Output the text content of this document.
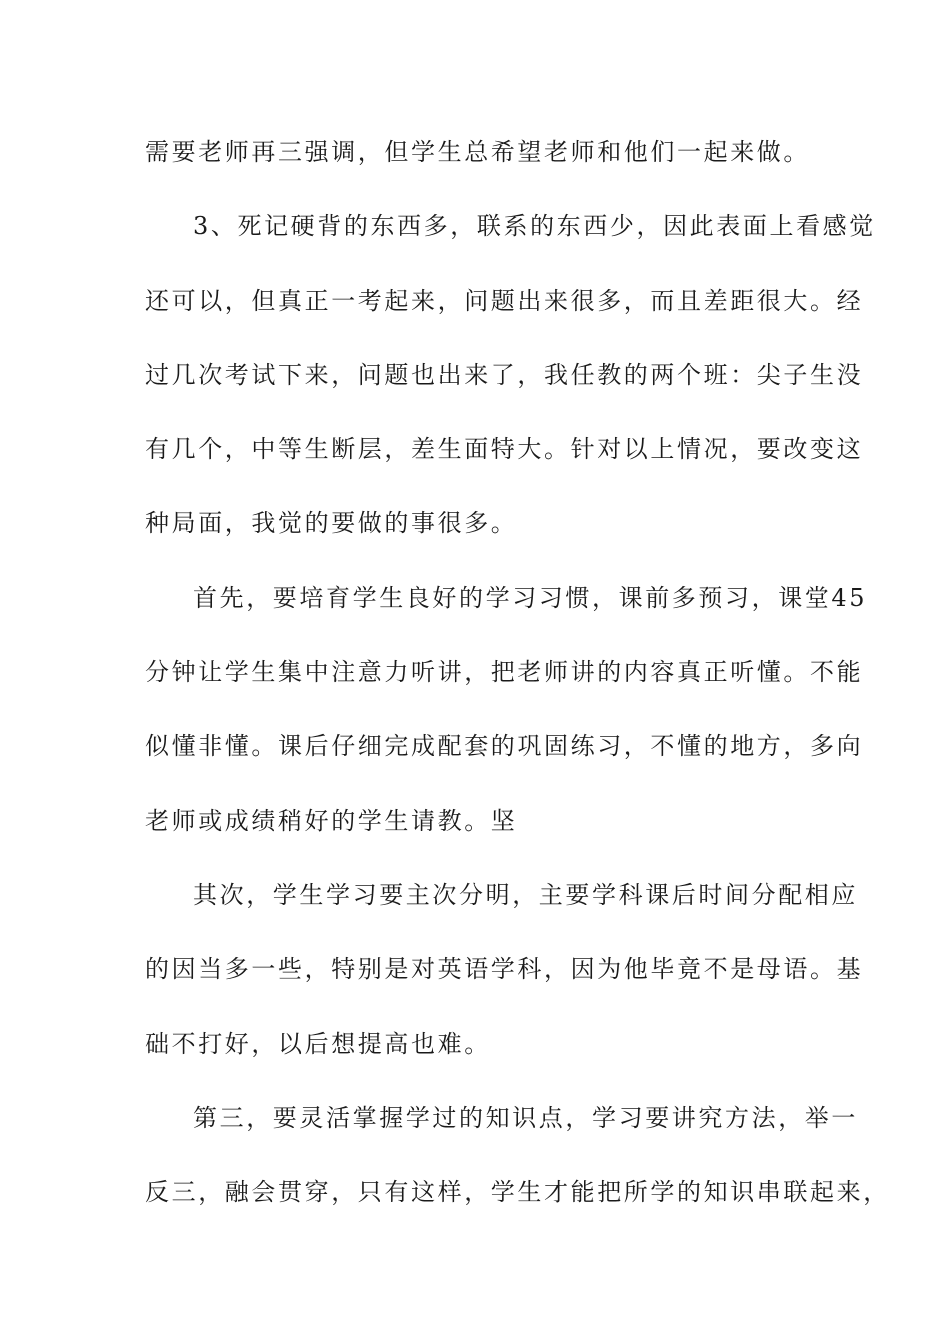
需要老师再三强调，但学生总希望老师和他们一起来做。

3、死记硬背的东西多，联系的东西少，因此表面上看感觉

还可以，但真正一考起来，问题出来很多，而且差距很大。经

过几次考试下来，问题也出来了，我任教的两个班：尖子生没

有几个，中等生断层，差生面特大。针对以上情况，要改变这

种局面，我觉的要做的事很多。

首先，要培育学生良好的学习习惯，课前多预习，课堂45

分钟让学生集中注意力听讲，把老师讲的内容真正听懂。不能

似懂非懂。课后仔细完成配套的巩固练习，不懂的地方，多向

老师或成绩稍好的学生请教。坚

其次，学生学习要主次分明，主要学科课后时间分配相应

的因当多一些，特别是对英语学科，因为他毕竟不是母语。基

础不打好，以后想提高也难。

第三，要灵活掌握学过的知识点，学习要讲究方法，举一

反三，融会贯穿，只有这样，学生才能把所学的知识串联起来，
